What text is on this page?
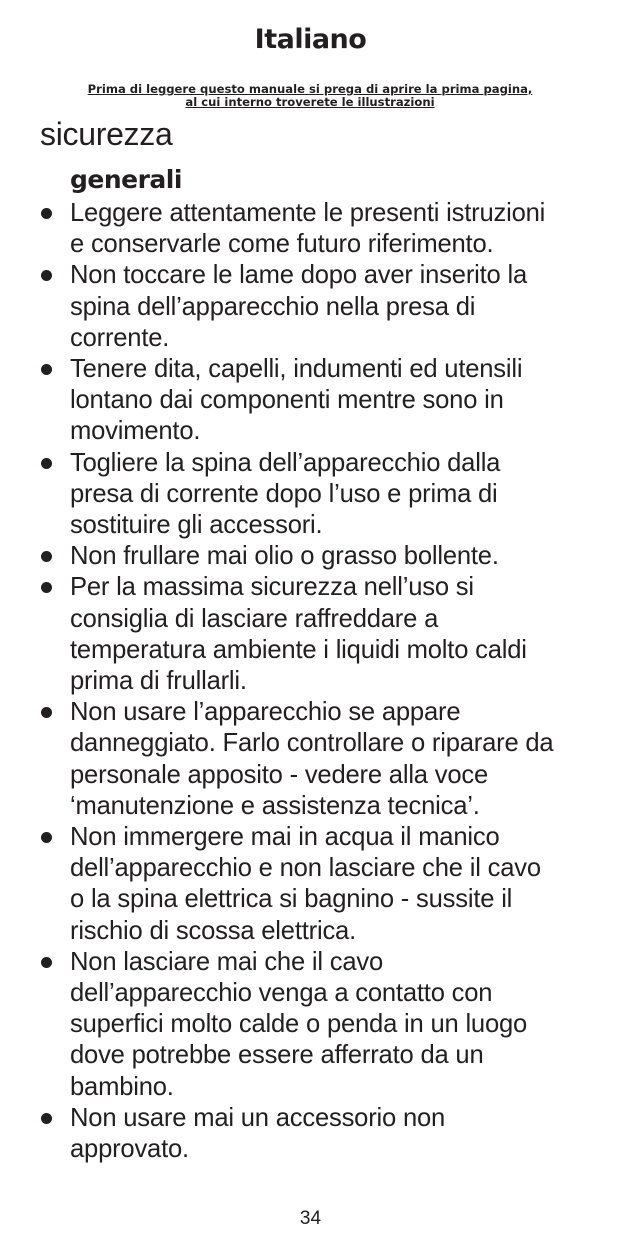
Italiano

Prima di leggere questo manuale si prega di aprire la prima pagina,
al cui interno troverete le illustrazioni

sicurezza
generali
Leggere attentamente le presenti istruzioni
e conservarle come futuro riferimento.
Non toccare le lame dopo aver inserito la
spina dell’apparecchio nella presa di
corrente.
Tenere dita, capelli, indumenti ed utensili
lontano dai componenti mentre sono in
movimento.
Togliere la spina dell’apparecchio dalla
presa di corrente dopo l’uso e prima di
sostituire gli accessori.
Non frullare mai olio o grasso bollente.
Per la massima sicurezza nell’uso si
consiglia di lasciare raffreddare a
temperatura ambiente i liquidi molto caldi
prima di frullarli.
Non usare l’apparecchio se appare
danneggiato. Farlo controllare o riparare da
personale apposito - vedere alla voce
‘manutenzione e assistenza tecnica’.
Non immergere mai in acqua il manico
dell’apparecchio e non lasciare che il cavo
o la spina elettrica si bagnino - sussite il
rischio di scossa elettrica.
Non lasciare mai che il cavo
dell’apparecchio venga a contatto con
superfici molto calde o penda in un luogo
dove potrebbe essere afferrato da un
bambino.
Non usare mai un accessorio non
approvato.

34
